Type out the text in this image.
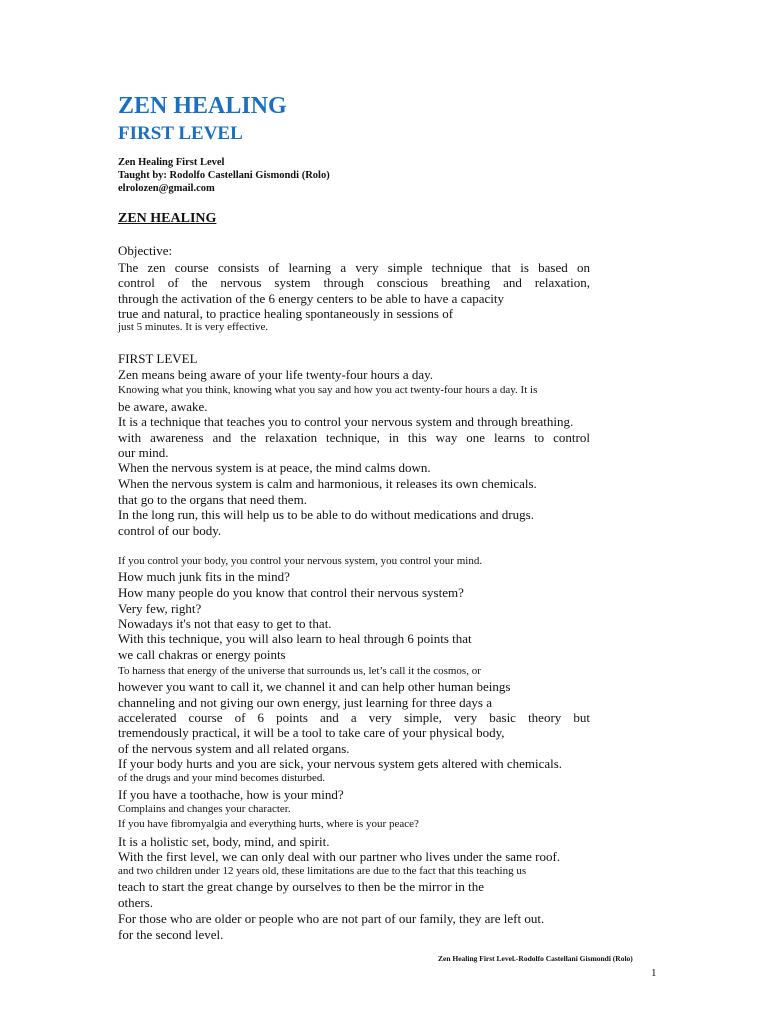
ZEN HEALING
FIRST LEVEL
Zen Healing First Level
Taught by: Rodolfo Castellani Gismondi (Rolo)
elrolozen@gmail.com
ZEN HEALING
Objective:
The zen course consists of learning a very simple technique that is based on
control of the nervous system through conscious breathing and relaxation,
through the activation of the 6 energy centers to be able to have a capacity
true and natural, to practice healing spontaneously in sessions of
just 5 minutes. It is very effective.
FIRST LEVEL
Zen means being aware of your life twenty-four hours a day.
Knowing what you think, knowing what you say and how you act twenty-four hours a day. It is
be aware, awake.
It is a technique that teaches you to control your nervous system and through breathing.
with awareness and the relaxation technique, in this way one learns to control
our mind.
When the nervous system is at peace, the mind calms down.
When the nervous system is calm and harmonious, it releases its own chemicals.
that go to the organs that need them.
In the long run, this will help us to be able to do without medications and drugs.
control of our body.
If you control your body, you control your nervous system, you control your mind.
How much junk fits in the mind?
How many people do you know that control their nervous system?
Very few, right?
Nowadays it's not that easy to get to that.
With this technique, you will also learn to heal through 6 points that
we call chakras or energy points
To harness that energy of the universe that surrounds us, let’s call it the cosmos, or
however you want to call it, we channel it and can help other human beings
channeling and not giving our own energy, just learning for three days a
accelerated course of 6 points and a very simple, very basic theory but
tremendously practical, it will be a tool to take care of your physical body,
of the nervous system and all related organs.
If your body hurts and you are sick, your nervous system gets altered with chemicals.
of the drugs and your mind becomes disturbed.
If you have a toothache, how is your mind?
Complains and changes your character.
If you have fibromyalgia and everything hurts, where is your peace?
It is a holistic set, body, mind, and spirit.
With the first level, we can only deal with our partner who lives under the same roof.
and two children under 12 years old, these limitations are due to the fact that this teaching us
teach to start the great change by ourselves to then be the mirror in the
others.
For those who are older or people who are not part of our family, they are left out.
for the second level.
Zen Healing First Level.-Rodolfo Castellani Gismondi (Rolo)
1
